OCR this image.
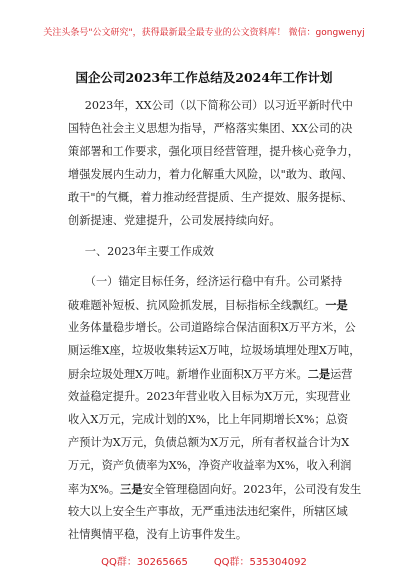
关注头条号"公文研究"，获得最新最全最专业的公文资料库！ 微信：gongwenyj
国企公司2023年工作总结及2024年工作计划
2023年，XX公司（以下简称公司）以习近平新时代中
国特色社会主义思想为指导，严格落实集团、XX公司的决
策部署和工作要求，强化项目经营管理，提升核心竞争力，
增强发展内生动力，着力化解重大风险，以"敢为、敢闯、
敢干"的气概，着力推动经营提质、生产提效、服务提标、
创新提速、党建提升，公司发展持续向好。
一、2023年主要工作成效
（一）锚定目标任务，经济运行稳中有升。公司紧持
破难题补短板、抗风险抓发展，目标指标全线飘红。一是
业务体量稳步增长。公司道路综合保洁面积X万平方米，公
厕运维X座，垃圾收集转运X万吨，垃圾场填埋处理X万吨，
厨余垃圾处理X万吨。新增作业面积X万平方米。二是运营
效益稳定提升。2023年营业收入目标为X万元，实现营业
收入X万元，完成计划的X%，比上年同期增长X%；总资
产预计为X万元，负债总额为X万元，所有者权益合计为X
万元，资产负债率为X%，净资产收益率为X%，收入利润
率为X%。三是安全管理稳固向好。2023年，公司没有发生
较大以上安全生产事故，无严重违法违纪案件，所辖区域
社情舆情平稳，没有上访事件发生。
QQ群：30265665	QQ群：535304092
